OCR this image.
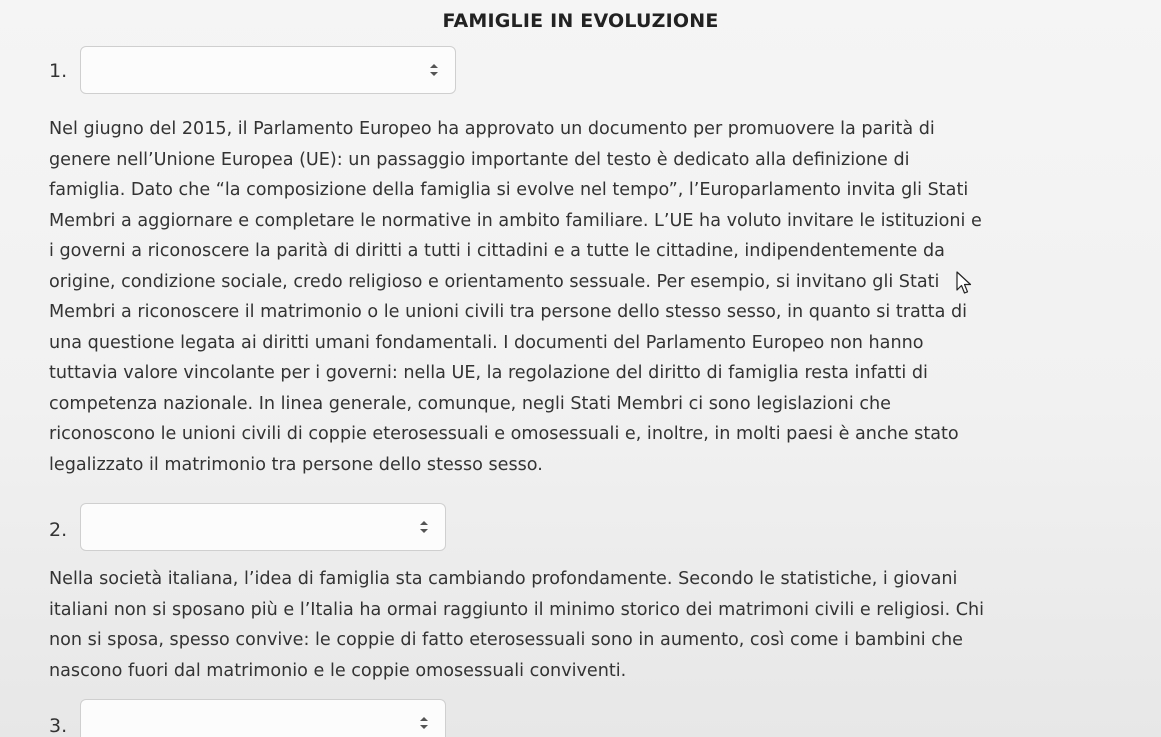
FAMIGLIE IN EVOLUZIONE
1.
Nel giugno del 2015, il Parlamento Europeo ha approvato un documento per promuovere la parità di
genere nell’Unione Europea (UE): un passaggio importante del testo è dedicato alla definizione di
famiglia. Dato che “la composizione della famiglia si evolve nel tempo”, l’Europarlamento invita gli Stati
Membri a aggiornare e completare le normative in ambito familiare. L’UE ha voluto invitare le istituzioni e
i governi a riconoscere la parità di diritti a tutti i cittadini e a tutte le cittadine, indipendentemente da
origine, condizione sociale, credo religioso e orientamento sessuale. Per esempio, si invitano gli Stati
Membri a riconoscere il matrimonio o le unioni civili tra persone dello stesso sesso, in quanto si tratta di
una questione legata ai diritti umani fondamentali. I documenti del Parlamento Europeo non hanno
tuttavia valore vincolante per i governi: nella UE, la regolazione del diritto di famiglia resta infatti di
competenza nazionale. In linea generale, comunque, negli Stati Membri ci sono legislazioni che
riconoscono le unioni civili di coppie eterosessuali e omosessuali e, inoltre, in molti paesi è anche stato
legalizzato il matrimonio tra persone dello stesso sesso.
2.
Nella società italiana, l’idea di famiglia sta cambiando profondamente. Secondo le statistiche, i giovani
italiani non si sposano più e l’Italia ha ormai raggiunto il minimo storico dei matrimoni civili e religiosi. Chi
non si sposa, spesso convive: le coppie di fatto eterosessuali sono in aumento, così come i bambini che
nascono fuori dal matrimonio e le coppie omosessuali conviventi.
3.
